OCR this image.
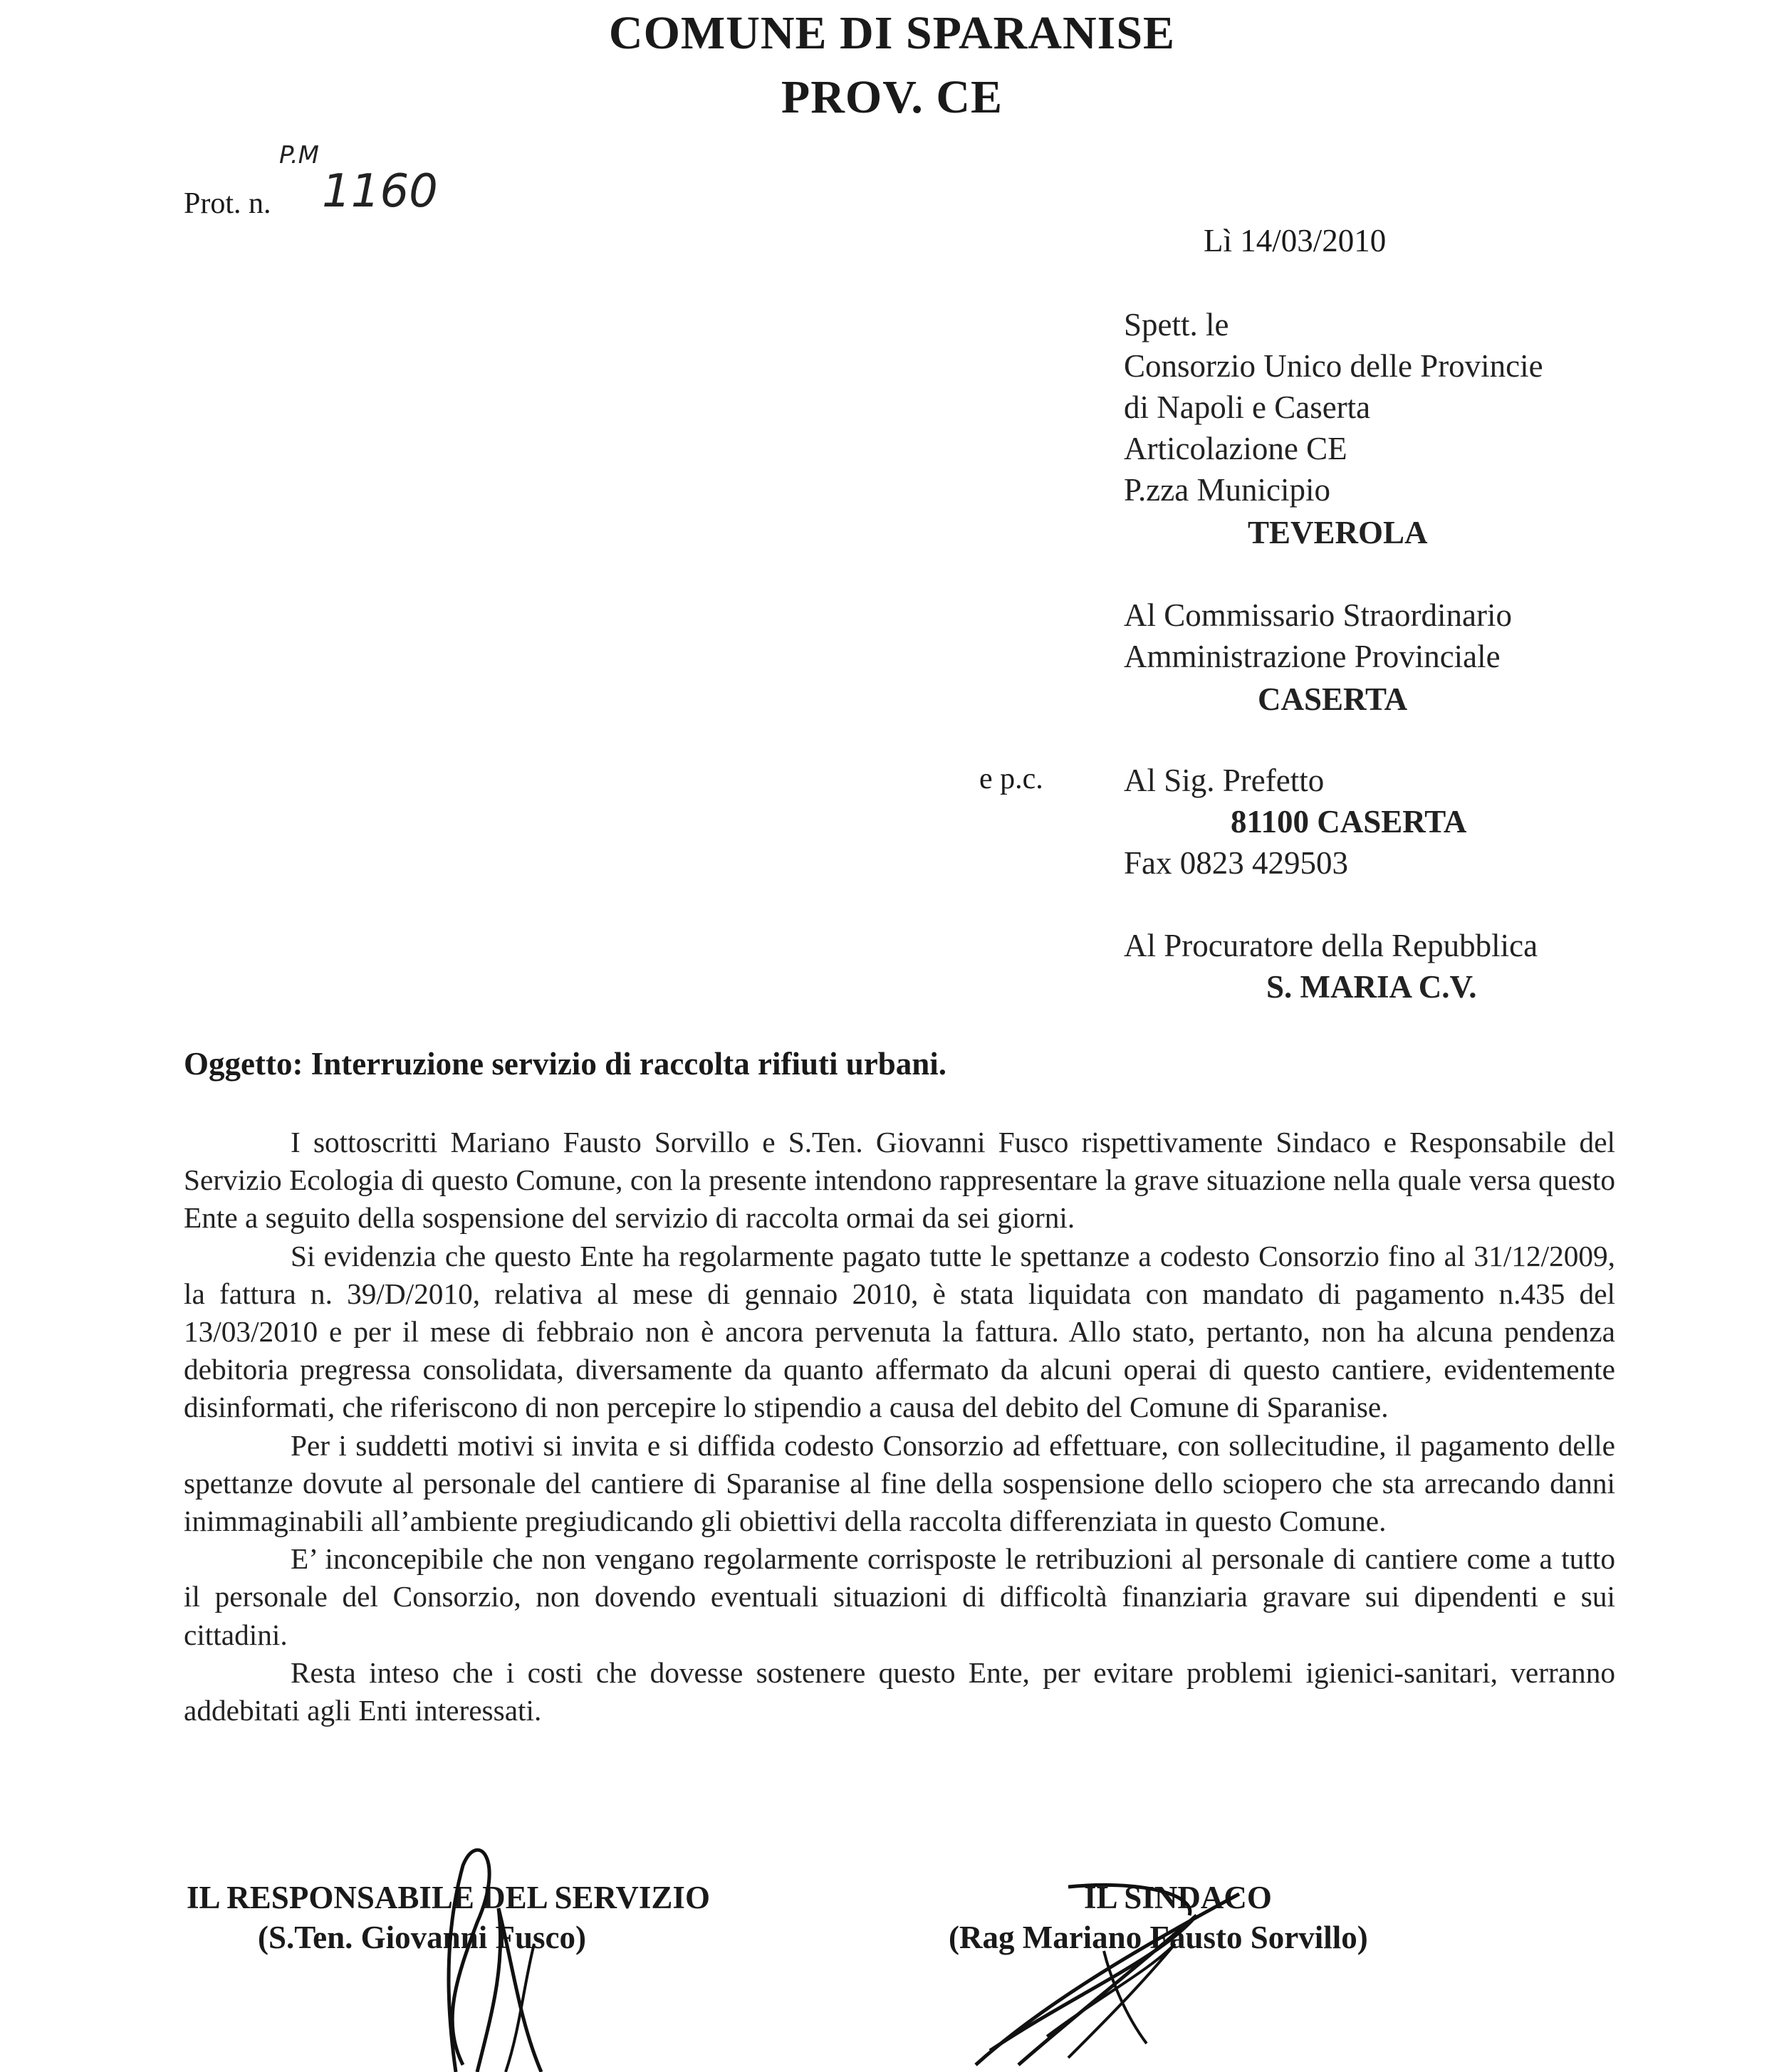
COMUNE DI SPARANISE
PROV. CE
P.M
Prot. n. 1160
Lì 14/03/2010
Spett. le
Consorzio Unico delle Provincie
di Napoli e Caserta
Articolazione CE
P.zza Municipio
TEVEROLA
Al Commissario Straordinario
Amministrazione Provinciale
CASERTA
e p.c.	Al Sig. Prefetto
81100 CASERTA
Fax 0823 429503
Al Procuratore della Repubblica
S. MARIA C.V.
Oggetto: Interruzione servizio di raccolta rifiuti urbani.

I sottoscritti Mariano Fausto Sorvillo e S.Ten. Giovanni Fusco rispettivamente Sindaco e Responsabile del Servizio Ecologia di questo Comune, con la presente intendono rappresentare la grave situazione nella quale versa questo Ente a seguito della sospensione del servizio di raccolta ormai da sei giorni.

Si evidenzia che questo Ente ha regolarmente pagato tutte le spettanze a codesto Consorzio fino al 31/12/2009, la fattura n. 39/D/2010, relativa al mese di gennaio 2010, è stata liquidata con mandato di pagamento n.435 del 13/03/2010 e per il mese di febbraio non è ancora pervenuta la fattura. Allo stato, pertanto, non ha alcuna pendenza debitoria pregressa consolidata, diversamente da quanto affermato da alcuni operai di questo cantiere, evidentemente disinformati, che riferiscono di non percepire lo stipendio a causa del debito del Comune di Sparanise.

Per i suddetti motivi si invita e si diffida codesto Consorzio ad effettuare, con sollecitudine, il pagamento delle spettanze dovute al personale del cantiere di Sparanise al fine della sospensione dello sciopero che sta arrecando danni inimmaginabili all’ambiente pregiudicando gli obiettivi della raccolta differenziata in questo Comune.

E’ inconcepibile che non vengano regolarmente corrisposte le retribuzioni al personale di cantiere come a tutto il personale del Consorzio, non dovendo eventuali situazioni di difficoltà finanziaria gravare sui dipendenti e sui cittadini.

Resta inteso che i costi che dovesse sostenere questo Ente, per evitare problemi igienici-sanitari, verranno addebitati agli Enti interessati.

IL RESPONSABILE DEL SERVIZIO
(S.Ten. Giovanni Fusco)
IL SINDACO
(Rag Mariano Fausto Sorvillo)
